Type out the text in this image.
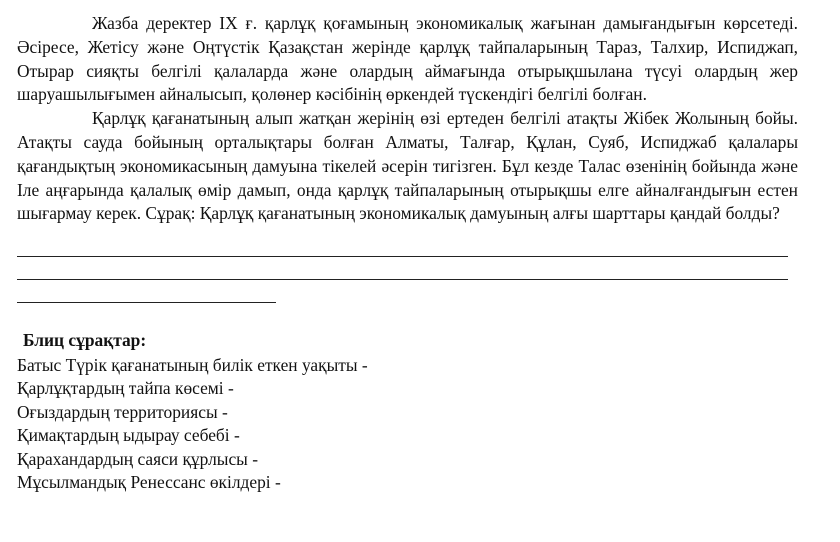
Жазба деректер IX ғ. қарлұқ қоғамының экономикалық жағынан дамығандығын көрсетеді. Әсіресе, Жетісу және Оңтүстік Қазақстан жерінде қарлұқ тайпаларының Тараз, Талхир, Испиджап, Отырар сияқты белгілі қалаларда және олардың аймағында отырықшылана түсуі олардың жер шаруашылығымен айналысып, қолөнер кәсібінің өркендей түскендігі белгілі болған.

Қарлұқ қағанатының алып жатқан жерінің өзі ертеден белгілі атақты Жібек Жолының бойы. Атақты сауда бойының орталықтары болған Алматы, Талғар, Құлан, Суяб, Испиджаб қалалары қағандықтың экономикасының дамуына тікелей әсерін тигізген. Бұл кезде Талас өзенінің бойында және Іле аңғарында қалалық өмір дамып, онда қарлұқ тайпаларының отырықшы елге айналғандығын естен шығармау керек. Сұрақ: Қарлұқ қағанатының экономикалық дамуының алғы шарттары қандай болды?

Блиц сұрақтар:

Батыс Түрік қағанатының билік еткен уақыты -

Қарлұқтардың тайпа көсемі -

Оғыздардың территориясы -

Қимақтардың ыдырау себебі -

Қарахандардың саяси құрлысы -

Мұсылмандық Ренессанс өкілдері -
